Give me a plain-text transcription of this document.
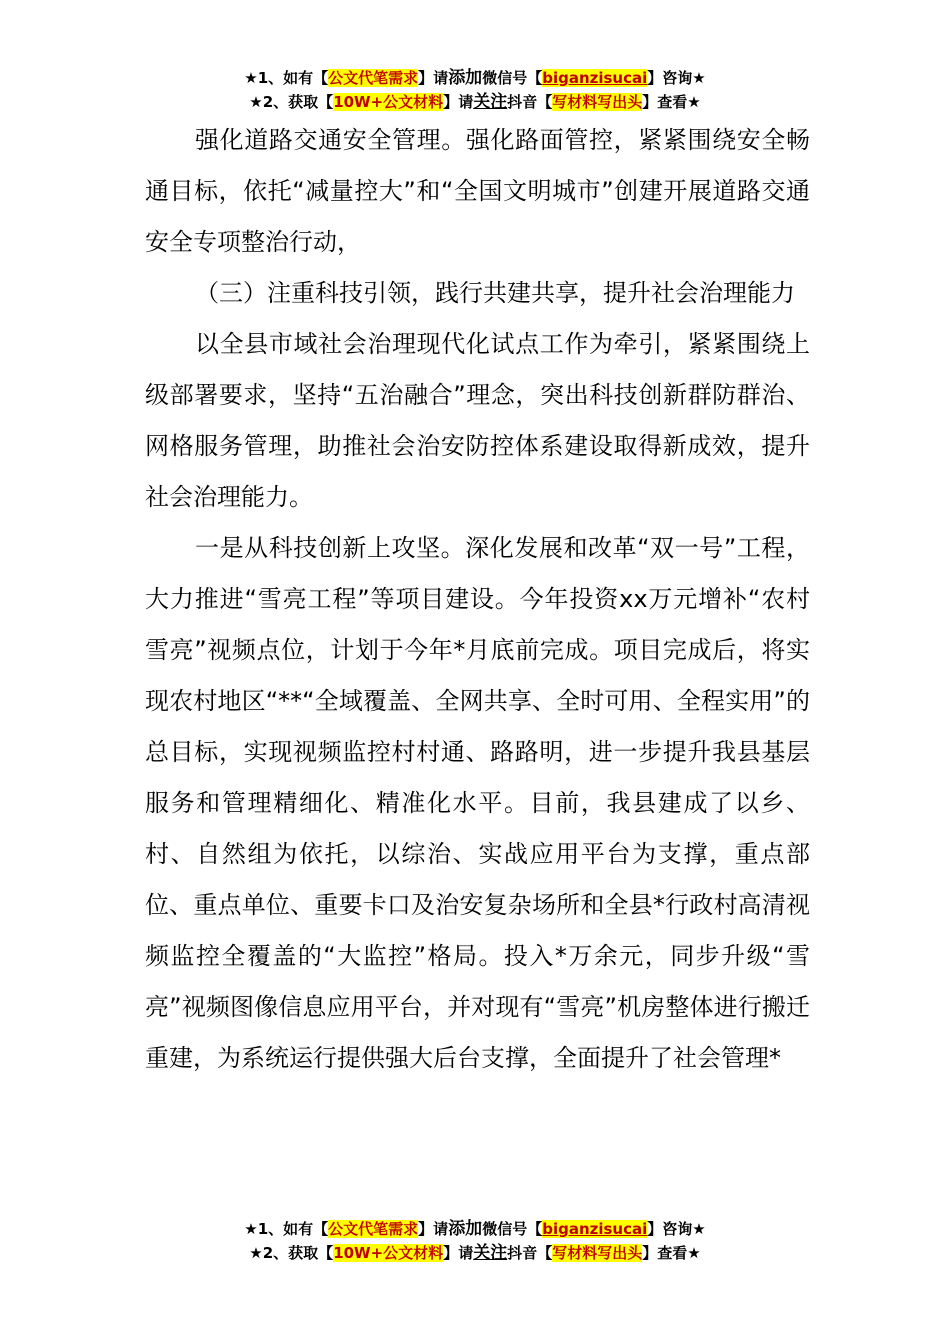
★1、如有【公文代笔需求】请添加微信号【biganzisucai】咨询★
★2、获取【10W+公文材料】请关注抖音【写材料写出头】查看★

强化道路交通安全管理。强化路面管控，紧紧围绕安全畅通目标，依托“减量控大”和“全国文明城市”创建开展道路交通安全专项整治行动，

（三）注重科技引领，践行共建共享，提升社会治理能力

以全县市域社会治理现代化试点工作为牵引，紧紧围绕上级部署要求，坚持“五治融合”理念，突出科技创新群防群治、网格服务管理，助推社会治安防控体系建设取得新成效，提升社会治理能力。

一是从科技创新上攻坚。深化发展和改革“双一号”工程，大力推进“雪亮工程”等项目建设。今年投资xx万元增补“农村雪亮”视频点位，计划于今年*月底前完成。项目完成后，将实现农村地区“**“全域覆盖、全网共享、全时可用、全程实用”的总目标，实现视频监控村村通、路路明，进一步提升我县基层服务和管理精细化、精准化水平。目前，我县建成了以乡、村、自然组为依托，以综治、实战应用平台为支撑，重点部位、重点单位、重要卡口及治安复杂场所和全县*行政村高清视频监控全覆盖的“大监控”格局。投入*万余元，同步升级“雪亮”视频图像信息应用平台，并对现有“雪亮”机房整体进行搬迁重建，为系统运行提供强大后台支撑，全面提升了社会管理*

★1、如有【公文代笔需求】请添加微信号【biganzisucai】咨询★
★2、获取【10W+公文材料】请关注抖音【写材料写出头】查看★
